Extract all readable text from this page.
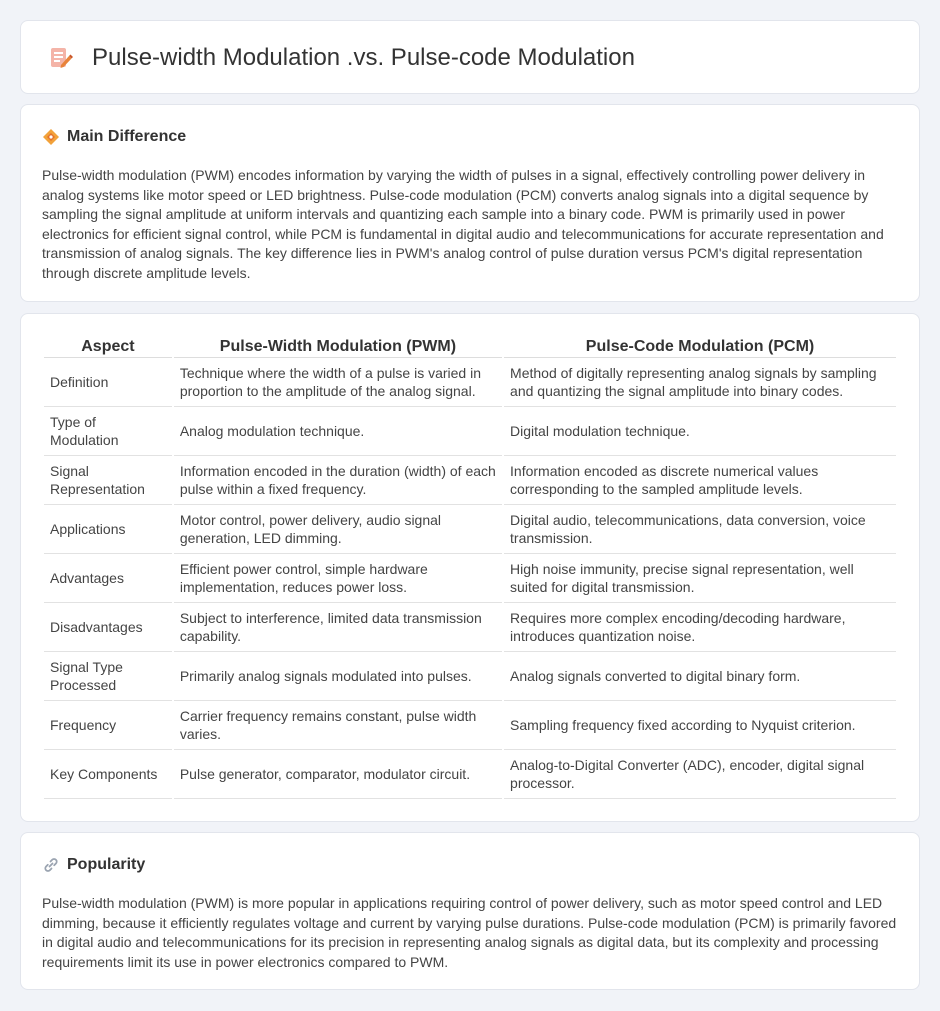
Pulse-width Modulation .vs. Pulse-code Modulation
Main Difference

Pulse-width modulation (PWM) encodes information by varying the width of pulses in a signal, effectively controlling power delivery in analog systems like motor speed or LED brightness. Pulse-code modulation (PCM) converts analog signals into a digital sequence by sampling the signal amplitude at uniform intervals and quantizing each sample into a binary code. PWM is primarily used in power electronics for efficient signal control, while PCM is fundamental in digital audio and telecommunications for accurate representation and transmission of analog signals. The key difference lies in PWM's analog control of pulse duration versus PCM's digital representation through discrete amplitude levels.

Aspect	Pulse-Width Modulation (PWM)	Pulse-Code Modulation (PCM)
Definition	Technique where the width of a pulse is varied in proportion to the amplitude of the analog signal.	Method of digitally representing analog signals by sampling and quantizing the signal amplitude into binary codes.
Type of Modulation	Analog modulation technique.	Digital modulation technique.
Signal Representation	Information encoded in the duration (width) of each pulse within a fixed frequency.	Information encoded as discrete numerical values corresponding to the sampled amplitude levels.
Applications	Motor control, power delivery, audio signal generation, LED dimming.	Digital audio, telecommunications, data conversion, voice transmission.
Advantages	Efficient power control, simple hardware implementation, reduces power loss.	High noise immunity, precise signal representation, well suited for digital transmission.
Disadvantages	Subject to interference, limited data transmission capability.	Requires more complex encoding/decoding hardware, introduces quantization noise.
Signal Type Processed	Primarily analog signals modulated into pulses.	Analog signals converted to digital binary form.
Frequency	Carrier frequency remains constant, pulse width varies.	Sampling frequency fixed according to Nyquist criterion.
Key Components	Pulse generator, comparator, modulator circuit.	Analog-to-Digital Converter (ADC), encoder, digital signal processor.
Popularity

Pulse-width modulation (PWM) is more popular in applications requiring control of power delivery, such as motor speed control and LED dimming, because it efficiently regulates voltage and current by varying pulse durations. Pulse-code modulation (PCM) is primarily favored in digital audio and telecommunications for its precision in representing analog signals as digital data, but its complexity and processing requirements limit its use in power electronics compared to PWM.
